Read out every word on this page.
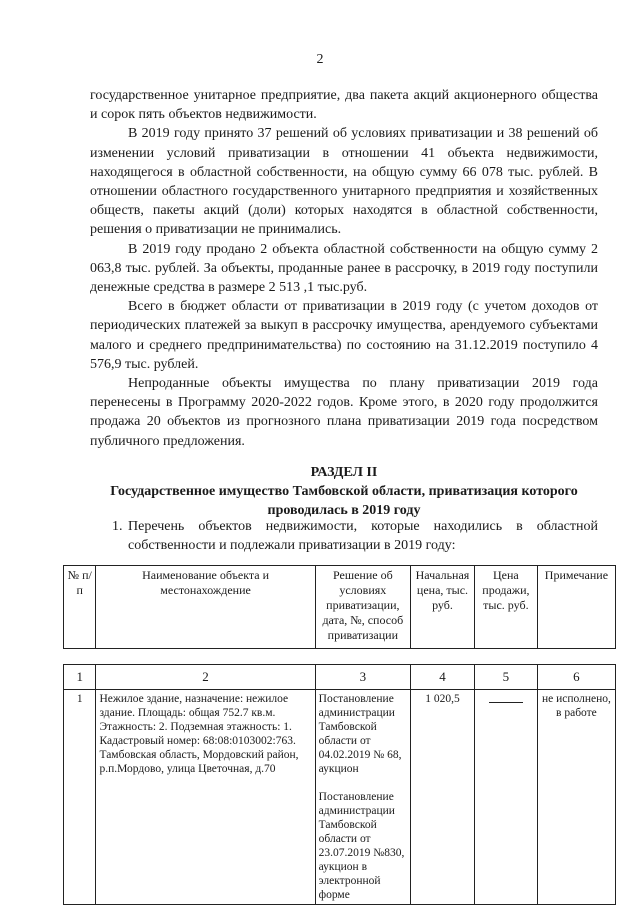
2

государственное унитарное предприятие, два пакета акций акционерного общества и сорок пять объектов недвижимости.

В 2019 году принято 37 решений об условиях приватизации и 38 решений об изменении условий приватизации в отношении 41 объекта недвижимости, находящегося в областной собственности, на общую сумму 66 078 тыс. рублей. В отношении областного государственного унитарного предприятия и хозяйственных обществ, пакеты акций (доли) которых находятся в областной собственности, решения о приватизации не принимались.

В 2019 году продано 2 объекта областной собственности на общую сумму 2 063,8 тыс. рублей. За объекты, проданные ранее в рассрочку, в 2019 году поступили денежные средства в размере 2 513 ,1 тыс.руб.

Всего в бюджет области от приватизации в 2019 году (с учетом доходов от периодических платежей за выкуп в рассрочку имущества, арендуемого субъектами малого и среднего предпринимательства) по состоянию на 31.12.2019 поступило 4 576,9 тыс. рублей.

Непроданные объекты имущества по плану приватизации 2019 года перенесены в Программу 2020-2022 годов. Кроме этого, в 2020 году продолжится продажа 20 объектов из прогнозного плана приватизации 2019 года посредством публичного предложения.

РАЗДЕЛ II
Государственное имущество Тамбовской области, приватизация которого проводилась в 2019 году
1. Перечень объектов недвижимости, которые находились в областной собственности и подлежали приватизации в 2019 году:
№ п/п	Наименование объекта и местонахождение	Решение об условиях приватизации, дата, №, способ приватизации	Начальная цена, тыс. руб.	Цена продажи, тыс. руб.	Примечание
1	2	3	4	5	6
1	Нежилое здание, назначение: нежилое здание. Площадь: общая 752.7 кв.м. Этажность: 2. Подземная этажность: 1. Кадастровый номер: 68:08:0103002:763. Тамбовская область, Мордовский район, р.п.Мордово, улица Цветочная, д.70	Постановление администрации Тамбовской области от 04.02.2019 № 68, аукцион
Постановление администрации Тамбовской области от 23.07.2019 №830, аукцион в электронной форме	1 020,5		не исполнено, в работе
